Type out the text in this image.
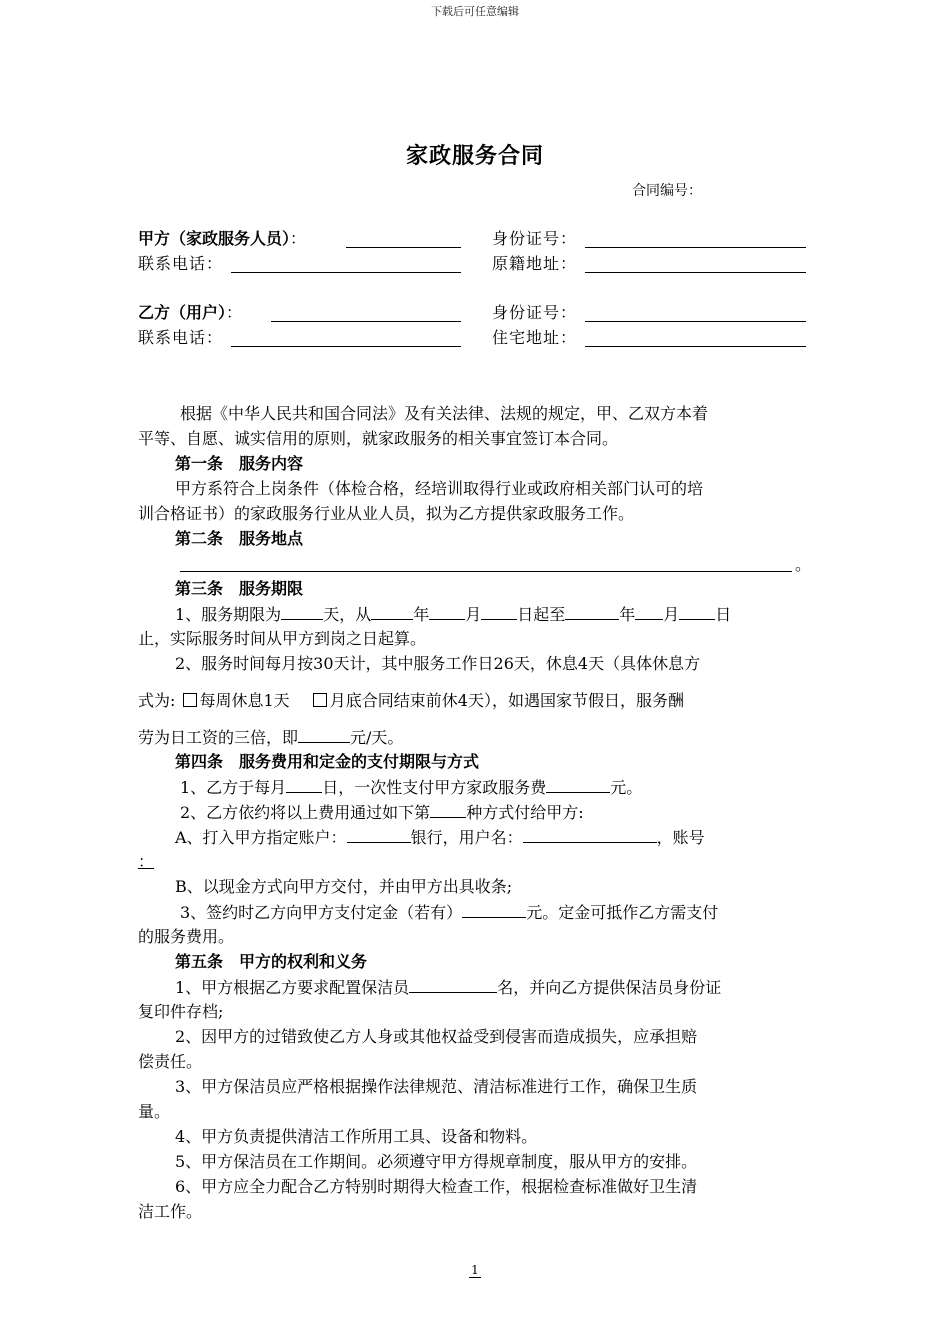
下载后可任意编辑
家政服务合同
合同编号：
甲方（家政服务人员）：	身份证号：
联系电话：	原籍地址：
乙方（用户）：	身份证号：
联系电话：	住宅地址：
根据《中华人民共和国合同法》及有关法律、法规的规定，甲、乙双方本着
平等、自愿、诚实信用的原则，就家政服务的相关事宜签订本合同。
第一条　服务内容
甲方系符合上岗条件（体检合格，经培训取得行业或政府相关部门认可的培
训合格证书）的家政服务行业从业人员，拟为乙方提供家政服务工作。
第二条　服务地点
。
第三条　服务期限
1、服务期限为	天，从	年 月 日起至	年 月 日
止，实际服务时间从甲方到岗之日起算。
2、服务时间每月按30天计，其中服务工作日26天，休息4天（具体休息方
式为: 每周休息1天　	月底合同结束前休4天），如遇国家节假日，服务酬
劳为日工资的三倍，即	元/天。
第四条　服务费用和定金的支付期限与方式
1、乙方于每月 日，一次性支付甲方家政服务费	元。
2、乙方依约将以上费用通过如下第 种方式付给甲方:
A、打入甲方指定账户：	银行，用户名：	，账号
：
B、以现金方式向甲方交付，并由甲方出具收条;
3、签约时乙方向甲方支付定金（若有）	元。定金可抵作乙方需支付
的服务费用。
第五条　甲方的权利和义务
1、甲方根据乙方要求配置保洁员	名，并向乙方提供保洁员身份证
复印件存档;
2、因甲方的过错致使乙方人身或其他权益受到侵害而造成损失，应承担赔
偿责任。
3、甲方保洁员应严格根据操作法律规范、清洁标准进行工作，确保卫生质
量。
4、甲方负责提供清洁工作所用工具、设备和物料。
5、甲方保洁员在工作期间。必须遵守甲方得规章制度，服从甲方的安排。
6、甲方应全力配合乙方特别时期得大检查工作，根据检查标准做好卫生清
洁工作。
1
